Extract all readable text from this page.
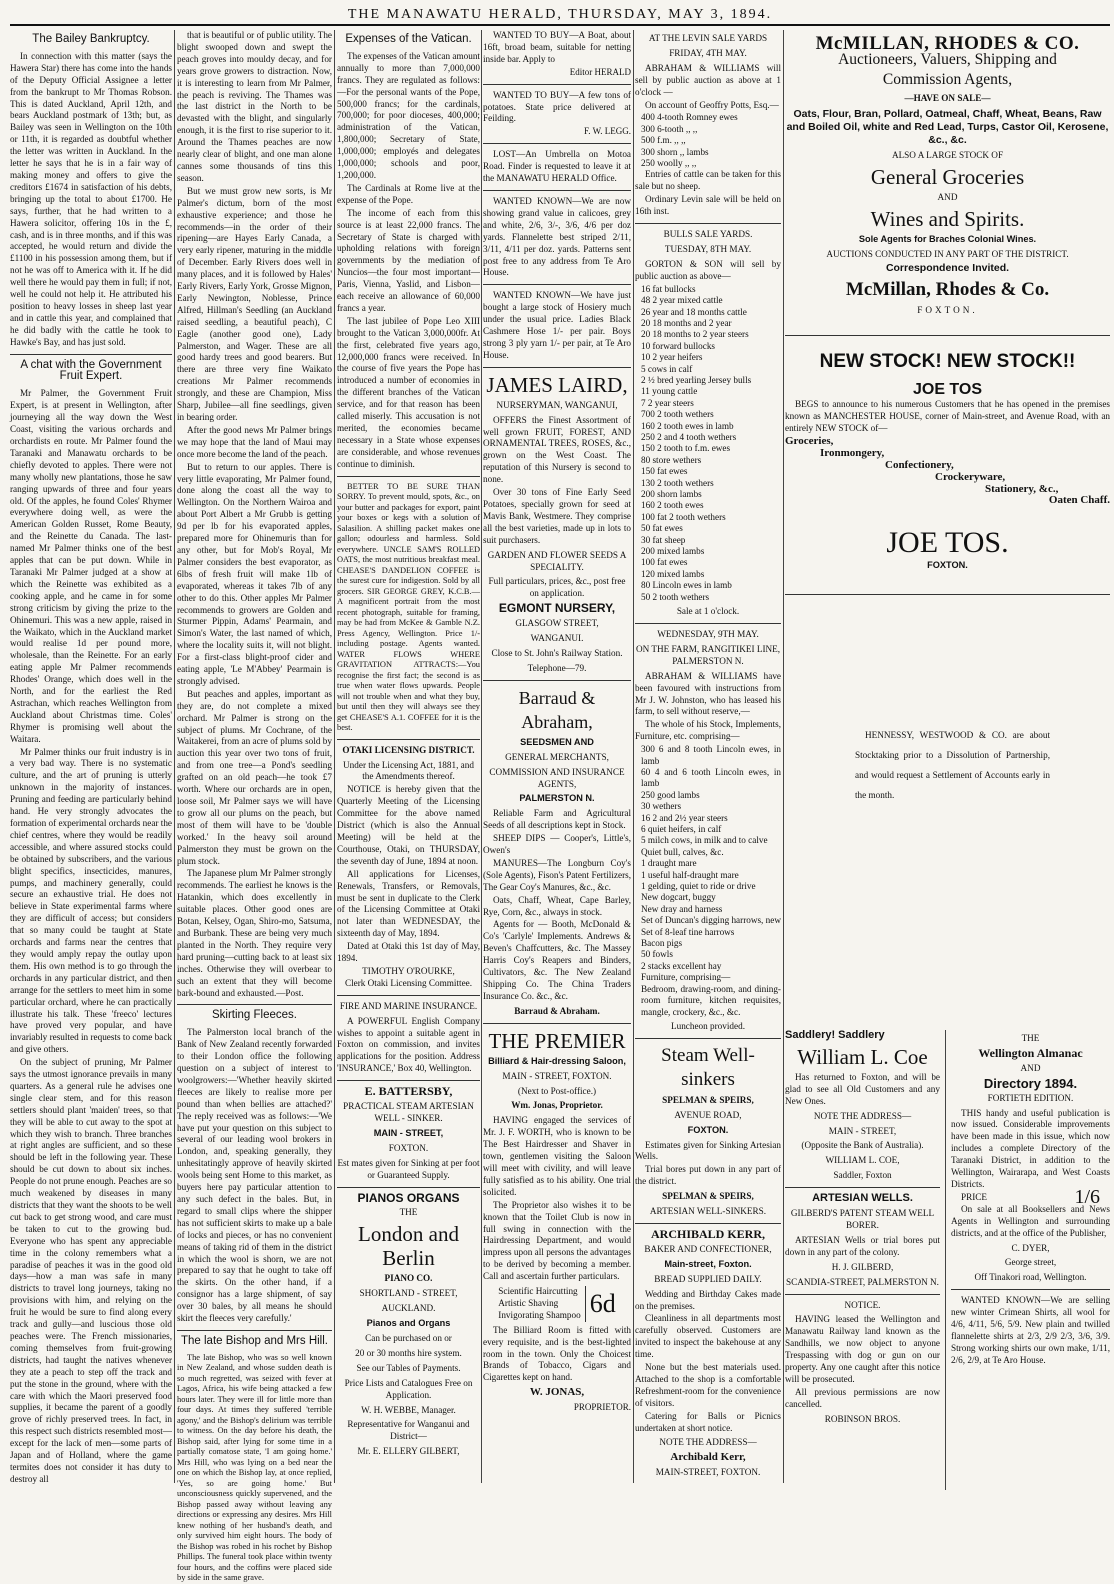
THE MANAWATU HERALD, THURSDAY, MAY 3, 1894.
The Bailey Bankruptcy.

In connection with this matter (says the Hawera Star) there has come into the hands of the Deputy Official Assignee a letter from the bankrupt to Mr Thomas Robson. This is dated Auckland, April 12th, and bears Auckland postmark of 13th; but, as Bailey was seen in Wellington on the 10th or 11th, it is regarded as doubtful whether the letter was written in Auckland. In the letter he says that he is in a fair way of making money and offers to give the creditors £1674 in satisfaction of his debts, bringing up the total to about £1700. He says, further, that he had written to a Hawera solicitor, offering 10s in the £, cash, and is in three months, and if this was accepted, he would return and divide the £1100 in his possession among them, but if not he was off to America with it. If he did well there he would pay them in full; if not, well he could not help it. He attributed his position to heavy losses in sheep last year and in cattle this year, and complained that he did badly with the cattle he took to Hawke's Bay, and has just sold.

A chat with the Government Fruit Expert.

Mr Palmer, the Government Fruit Expert, is at present in Wellington, after journeying all the way down the West Coast, visiting the various orchards and orchardists en route. Mr Palmer found the Taranaki and Manawatu orchards to be chiefly devoted to apples. There were not many wholly new plantations, those he saw ranging upwards of three and four years old. Of the apples, he found Coles' Rhymer everywhere doing well, as were the American Golden Russet, Rome Beauty, and the Reinette du Canada. The last-named Mr Palmer thinks one of the best apples that can be put down. While in Taranaki Mr Palmer judged at a show at which the Reinette was exhibited as a cooking apple, and he came in for some strong criticism by giving the prize to the Ohinemuri. This was a new apple, raised in the Waikato, which in the Auckland market would realise 1d per pound more, wholesale, than the Reinette. For an early eating apple Mr Palmer recommends Rhodes' Orange, which does well in the North, and for the earliest the Red Astrachan, which reaches Wellington from Auckland about Christmas time. Coles' Rhymer is promising well about the Waitara.

Mr Palmer thinks our fruit industry is in a very bad way. There is no systematic culture, and the art of pruning is utterly unknown in the majority of instances. Pruning and feeding are particularly behind hand. He very strongly advocates the formation of experimental orchards near the chief centres, where they would be readily accessible, and where assured stocks could be obtained by subscribers, and the various blight specifics, insecticides, manures, pumps, and machinery generally, could secure an exhaustive trial. He does not believe in State experimental farms where they are difficult of access; but considers that so many could be taught at State orchards and farms near the centres that they would amply repay the outlay upon them. His own method is to go through the orchards in any particular district, and then arrange for the settlers to meet him in some particular orchard, where he can practically illustrate his talk. These 'freeco' lectures have proved very popular, and have invariably resulted in requests to come back and give others.

On the subject of pruning, Mr Palmer says the utmost ignorance prevails in many quarters. As a general rule he advises one single clear stem, and for this reason settlers should plant 'maiden' trees, so that they will be able to cut away to the spot at which they wish to branch. Three branches at right angles are sufficient, and so these should be left in the following year. These should be cut down to about six inches. People do not prune enough. Peaches are so much weakened by diseases in many districts that they want the shoots to be well cut back to get strong wood, and care must be taken to cut to the growing bud. Everyone who has spent any appreciable time in the colony remembers what a paradise of peaches it was in the good old days—how a man was safe in many districts to travel long journeys, taking no provisions with him, and relying on the fruit he would be sure to find along every track and gully—and luscious those old peaches were. The French missionaries, coming themselves from fruit-growing districts, had taught the natives whenever they ate a peach to step off the track and put the stone in the ground, where with the care with which the Maori preserved food supplies, it became the parent of a goodly grove of richly preserved trees. In fact, in this respect such districts resembled most—except for the lack of men—some parts of Japan and of Holland, where the game termites does not consider it has duty to destroy all

that is beautiful or of public utility. The blight swooped down and swept the peach groves into mouldy decay, and for years grove growers to distraction. Now, it is interesting to learn from Mr Palmer, the peach is reviving. The Thames was the last district in the North to be devasted with the blight, and singularly enough, it is the first to rise superior to it. Around the Thames peaches are now nearly clear of blight, and one man alone cannes some thousands of tins this season.

But we must grow new sorts, is Mr Palmer's dictum, born of the most exhaustive experience; and those he recommends—in the order of their ripening—are Hayes Early Canada, a very early ripener, maturing in the middle of December. Early Rivers does well in many places, and it is followed by Hales' Early Rivers, Early York, Grosse Mignon, Early Newington, Noblesse, Prince Alfred, Hillman's Seedling (an Auckland raised seedling, a beautiful peach), C Eagle (another good one), Lady Palmerston, and Wager. These are all good hardy trees and good bearers. But there are three very fine Waikato creations Mr Palmer recommends strongly, and these are Champion, Miss Sharp, Jubilee—all fine seedlings, given in bearing order.

After the good news Mr Palmer brings we may hope that the land of Maui may once more become the land of the peach.

But to return to our apples. There is very little evaporating, Mr Palmer found, done along the coast all the way to Wellington. On the Northern Wairoa and about Port Albert a Mr Grubb is getting 9d per lb for his evaporated apples, prepared more for Ohinemuris than for any other, but for Mob's Royal, Mr Palmer considers the best evaporator, as 6lbs of fresh fruit will make 1lb of evaporated, whereas it takes 7lb of any other to do this. Other apples Mr Palmer recommends to growers are Golden and Sturmer Pippin, Adams' Pearmain, and Simon's Water, the last named of which, where the locality suits it, will not blight. For a first-class blight-proof cider and eating apple, 'Le M'Abbey' Pearmain is strongly advised.

But peaches and apples, important as they are, do not complete a mixed orchard. Mr Palmer is strong on the subject of plums. Mr Cochrane, of the Waitakerei, from an acre of plums sold by auction this year over two tons of fruit, and from one tree—a Pond's seedling grafted on an old peach—he took £7 worth. Where our orchards are in open, loose soil, Mr Palmer says we will have to grow all our plums on the peach, but most of them will have to be 'double worked.' In the heavy soil around Palmerston they must be grown on the plum stock.

The Japanese plum Mr Palmer strongly recommends. The earliest he knows is the Hatankin, which does excellently in suitable places. Other good ones are Botan, Kelsey, Ogan, Shiro-mo, Satsuma, and Burbank. These are being very much planted in the North. They require very hard pruning—cutting back to at least six inches. Otherwise they will overbear to such an extent that they will become bark-bound and exhausted.—Post.

Skirting Fleeces.

The Palmerston local branch of the Bank of New Zealand recently forwarded to their London office the following question on a subject of interest to woolgrowers:—'Whether heavily skirted fleeces are likely to realise more per pound than when bellies are attached?' The reply received was as follows:—'We have put your question on this subject to several of our leading wool brokers in London, and, speaking generally, they unhesitatingly approve of heavily skirted wools being sent Home to this market, as buyers here pay particular attention to any such defect in the bales. But, in regard to small clips where the shipper has not sufficient skirts to make up a bale of locks and pieces, or has no convenient means of taking rid of them in the district in which the wool is shorn, we are not prepared to say that he ought to take off the skirts. On the other hand, if a consignor has a large shipment, of say over 30 bales, by all means he should skirt the fleeces very carefully.'

The late Bishop and Mrs Hill.

The late Bishop, who was so well known in New Zealand, and whose sudden death is so much regretted, was seized with fever at Lagos, Africa, his wife being attacked a few hours later. They were ill for little more than four days. At times they suffered 'terrible agony,' and the Bishop's delirium was terrible to witness. On the day before his death, the Bishop said, after lying for some time in a partially comatose state, 'I am going home.' Mrs Hill, who was lying on a bed near the one on which the Bishop lay, at once replied, 'Yes, so are going home.' But unconsciousness quickly supervened, and the Bishop passed away without leaving any directions or expressing any desires. Mrs Hill knew nothing of her husband's death, and only survived him eight hours. The body of the Bishop was robed in his rochet by Bishop Phillips. The funeral took place within twenty four hours, and the coffins were placed side by side in the same grave.

Expenses of the Vatican.

The expenses of the Vatican amount annually to more than 7,000,000 francs. They are regulated as follows:—For the personal wants of the Pope, 500,000 francs; for the cardinals, 700,000; for poor dioceses, 400,000; administration of the Vatican, 1,800,000; Secretary of State, 1,000,000; employés and delegates 1,000,000; schools and poor, 1,200,000.

The Cardinals at Rome live at the expense of the Pope.

The income of each from this source is at least 22,000 francs. The Secretary of State is charged with upholding relations with foreign governments by the mediation of Nuncios—the four most important—Paris, Vienna, Yaslid, and Lisbon—each receive an allowance of 60,000 francs a year.

The last jubilee of Pope Leo XIII brought to the Vatican 3,000,000fr. At the first, celebrated five years ago, 12,000,000 francs were received. In the course of five years the Pope has introduced a number of economies in the different branches of the Vatican service, and for that reason has been called miserly. This accusation is not merited, the economies became necessary in a State whose expenses are considerable, and whose revenues continue to diminish.

BETTER TO BE SURE THAN SORRY. To prevent mould, spots, &c., on your butter and packages for export, paint your boxes or kegs with a solution of Salasilion. A shilling packet makes one gallon; odourless and harmless. Sold everywhere. UNCLE SAM'S ROLLED OATS, the most nutritious breakfast meal. CHEASE'S DANDELION COFFEE is the surest cure for indigestion. Sold by all grocers. SIR GEORGE GREY, K.C.B.—A magnificent portrait from the most recent photograph, suitable for framing, may be had from McKee & Gamble N.Z. Press Agency, Wellington. Price 1/- including postage. Agents wanted. WATER FLOWS WHERE GRAVITATION ATTRACTS:—You recognise the first fact; the second is as true when water flows upwards. People will not trouble when and what they buy, but until then they will always see they get CHEASE'S A.1. COFFEE for it is the best.

OTAKI LICENSING DISTRICT.

Under the Licensing Act, 1881, and the Amendments thereof.

NOTICE is hereby given that the Quarterly Meeting of the Licensing Committee for the above named District (which is also the Annual Meeting) will be held at the Courthouse, Otaki, on THURSDAY, the seventh day of June, 1894 at noon.

All applications for Licenses, Renewals, Transfers, or Removals, must be sent in duplicate to the Clerk of the Licensing Committee at Otaki not later than WEDNESDAY, the sixteenth day of May, 1894.

Dated at Otaki this 1st day of May, 1894.

TIMOTHY O'ROURKE,
Clerk Otaki Licensing Committee.
FIRE AND MARINE INSURANCE.

A POWERFUL English Company wishes to appoint a suitable agent in Foxton on commission, and invites applications for the position. Address 'INSURANCE,' Box 40, Wellington.

E. BATTERSBY,
PRACTICAL STEAM ARTESIAN WELL - SINKER.
MAIN - STREET,
FOXTON.
Est mates given for Sinking at per foot or Guaranteed Supply.
PIANOS ORGANS
THE
London and Berlin
PIANO CO.
SHORTLAND - STREET,
AUCKLAND.
Pianos and Organs
Can be purchased on or
20 or 30 months hire system.
See our Tables of Payments.
Price Lists and Catalogues Free on Application.
W. H. WEBBE, Manager.
Representative for Wanganui and District—
Mr. E. ELLERY GILBERT,

WANTED TO BUY—A Boat, about 16ft, broad beam, suitable for netting inside bar. Apply to

Editor HERALD

WANTED TO BUY—A few tons of potatoes. State price delivered at Feilding.

F. W. LEGG.

LOST—An Umbrella on Motoa Road. Finder is requested to leave it at the MANAWATU HERALD Office.

WANTED KNOWN—We are now showing grand value in calicoes, grey and white, 2/6, 3/-, 3/6, 4/6 per doz yards. Flannelette best striped 2/11, 3/11, 4/11 per doz. yards. Patterns sent post free to any address from Te Aro House.

WANTED KNOWN—We have just bought a large stock of Hosiery much under the usual price. Ladies Black Cashmere Hose 1/- per pair. Boys strong 3 ply yarn 1/- per pair, at Te Aro House.

JAMES LAIRD,
NURSERYMAN, WANGANUI,

OFFERS the Finest Assortment of well grown FRUIT, FOREST, AND ORNAMENTAL TREES, ROSES, &c., grown on the West Coast. The reputation of this Nursery is second to none.

Over 30 tons of Fine Early Seed Potatoes, specially grown for seed at Mavis Bank, Westmere. They comprise all the best varieties, made up in lots to suit purchasers.

GARDEN AND FLOWER SEEDS A SPECIALITY.
Full particulars, prices, &c., post free on application.
EGMONT NURSERY,
GLASGOW STREET,
WANGANUI.
Close to St. John's Railway Station.
Telephone—79.
Barraud & Abraham,
SEEDSMEN AND
GENERAL MERCHANTS,
COMMISSION AND INSURANCE AGENTS,
PALMERSTON N.

Reliable Farm and Agricultural Seeds of all descriptions kept in Stock.

SHEEP DIPS — Cooper's, Little's, Owen's

MANURES—The Longburn Coy's (Sole Agents), Fison's Patent Fertilizers, The Gear Coy's Manures, &c., &c.

Oats, Chaff, Wheat, Cape Barley, Rye, Corn, &c., always in stock.

Agents for — Booth, McDonald & Co's 'Carlyle' Implements. Andrews & Beven's Chaffcutters, &c. The Massey Harris Coy's Reapers and Binders, Cultivators, &c. The New Zealand Shipping Co. The China Traders Insurance Co. &c., &c.

Barraud & Abraham.
THE PREMIER
Billiard & Hair-dressing Saloon,
MAIN - STREET, FOXTON.
(Next to Post-office.)
Wm. Jonas, Proprietor.

HAVING engaged the services of Mr. J. F. WORTH, who is known to be The Best Hairdresser and Shaver in town, gentlemen visiting the Saloon will meet with civility, and will leave fully satisfied as to his ability. One trial solicited.

The Proprietor also wishes it to be known that the Toilet Club is now in full swing in connection with the Hairdressing Department, and would impress upon all persons the advantages to be derived by becoming a member. Call and ascertain further particulars.

Scientific Haircutting
Artistic Shaving
Invigorating Shampoo 6d

The Billiard Room is fitted with every requisite, and is the best-lighted room in the town. Only the Choicest Brands of Tobacco, Cigars and Cigarettes kept on hand.

W. JONAS,
PROPRIETOR.
AT THE LEVIN SALE YARDS
FRIDAY, 4TH MAY.

ABRAHAM & WILLIAMS will sell by public auction as above at 1 o'clock —

On account of Geoffry Potts, Esq.—

400 4-tooth Romney ewes
300 6-tooth ,, ,,
500 f.m. ,, ,,
300 shorn ,, lambs
250 woolly ,, ,,

Entries of cattle can be taken for this sale but no sheep.

Ordinary Levin sale will be held on 16th inst.

BULLS SALE YARDS.
TUESDAY, 8TH MAY.

GORTON & SON will sell by public auction as above—

16 fat bullocks
48 2 year mixed cattle
26 year and 18 months cattle
20 18 months and 2 year
20 18 months to 2 year steers
10 forward bullocks
10 2 year heifers
5 cows in calf
2 ½ bred yearling Jersey bulls
11 young cattle
7 2 year steers
700 2 tooth wethers
160 2 tooth ewes in lamb
250 2 and 4 tooth wethers
150 2 tooth to f.m. ewes
80 store wethers
150 fat ewes
130 2 tooth wethers
200 shorn lambs
160 2 tooth ewes
100 fat 2 tooth wethers
50 fat ewes
30 fat sheep
200 mixed lambs
100 fat ewes
120 mixed lambs
80 Lincoln ewes in lamb
50 2 tooth wethers
Sale at 1 o'clock.
WEDNESDAY, 9TH MAY.
ON THE FARM, RANGITIKEI LINE, PALMERSTON N.

ABRAHAM & WILLIAMS have been favoured with instructions from Mr J. W. Johnston, who has leased his farm, to sell without reserve,—

The whole of his Stock, Implements, Furniture, etc. comprising—

300 6 and 8 tooth Lincoln ewes, in lamb
60 4 and 6 tooth Lincoln ewes, in lamb
250 good lambs
30 wethers
16 2 and 2½ year steers
6 quiet heifers, in calf
5 milch cows, in milk and to calve
Quiet bull, calves, &c.
1 draught mare
1 useful half-draught mare
1 gelding, quiet to ride or drive
New dogcart, buggy
New dray and harness
Set of Duncan's digging harrows, new
Set of 8-leaf tine harrows
Bacon pigs
50 fowls
2 stacks excellent hay
Furniture, comprising—
Bedroom, drawing-room, and dining-room furniture, kitchen requisites, mangle, crockery, &c., &c.
Luncheon provided.
Steam Well-sinkers
SPELMAN & SPEIRS,
AVENUE ROAD,
FOXTON.

Estimates given for Sinking Artesian Wells.

Trial bores put down in any part of the district.

SPELMAN & SPEIRS,
ARTESIAN WELL-SINKERS.
ARCHIBALD KERR,
BAKER AND CONFECTIONER,
Main-street, Foxton.
BREAD SUPPLIED DAILY.

Wedding and Birthday Cakes made on the premises.

Cleanliness in all departments most carefully observed. Customers are invited to inspect the bakehouse at any time.

None but the best materials used. Attached to the shop is a comfortable Refreshment-room for the convenience of visitors.

Catering for Balls or Picnics undertaken at short notice.

NOTE THE ADDRESS—
Archibald Kerr,
MAIN-STREET, FOXTON.
McMILLAN, RHODES & CO.
Auctioneers, Valuers, Shipping and
Commission Agents,
—HAVE ON SALE—
Oats, Flour, Bran, Pollard, Oatmeal, Chaff, Wheat, Beans, Raw and Boiled Oil, white and Red Lead, Turps, Castor Oil, Kerosene, &c., &c.
ALSO A LARGE STOCK OF
General Groceries
AND
Wines and Spirits.
Sole Agents for Braches Colonial Wines.
AUCTIONS CONDUCTED IN ANY PART OF THE DISTRICT.
Correspondence Invited.
McMillan, Rhodes & Co.
FOXTON.
NEW STOCK! NEW STOCK!!
JOE TOS

BEGS to announce to his numerous Customers that he has opened in the premises known as MANCHESTER HOUSE, corner of Main-street, and Avenue Road, with an entirely NEW STOCK of—

Groceries,
Ironmongery,
Confectionery,
Crockeryware,
Stationery, &c.,
Oaten Chaff.
JOE TOS.
FOXTON.

HENNESSY, WESTWOOD & CO. are about Stocktaking prior to a Dissolution of Partnership, and would request a Settlement of Accounts early in the month.

Saddlery! Saddlery
William L. Coe

Has returned to Foxton, and will be glad to see all Old Customers and any New Ones.

NOTE THE ADDRESS—
MAIN - STREET,
(Opposite the Bank of Australia).
WILLIAM L. COE,
Saddler, Foxton
ARTESIAN WELLS.
GILBERD'S PATENT STEAM WELL BORER.

ARTESIAN Wells or trial bores put down in any part of the colony.

H. J. GILBERD,
SCANDIA-STREET, PALMERSTON N.
NOTICE.

HAVING leased the Wellington and Manawatu Railway land known as the Sandhills, we now object to anyone Trespassing with dog or gun on our property. Any one caught after this notice will be prosecuted.

All previous permissions are now cancelled.

ROBINSON BROS.
THE
Wellington Almanac
AND
Directory 1894.
FORTIETH EDITION.

THIS handy and useful publication is now issued. Considerable improvements have been made in this issue, which now includes a complete Directory of the Taranaki District, in addition to the Wellington, Wairarapa, and West Coasts Districts.

PRICE	1/6

On sale at all Booksellers and News Agents in Wellington and surrounding districts, and at the office of the Publisher,

C. DYER,
George street,
Off Tinakori road, Wellington.

WANTED KNOWN—We are selling new winter Crimean Shirts, all wool for 4/6, 4/11, 5/6, 5/9. New plain and twilled flannelette shirts at 2/3, 2/9 2/3, 3/6, 3/9. Strong working shirts our own make, 1/11, 2/6, 2/9, at Te Aro House.
